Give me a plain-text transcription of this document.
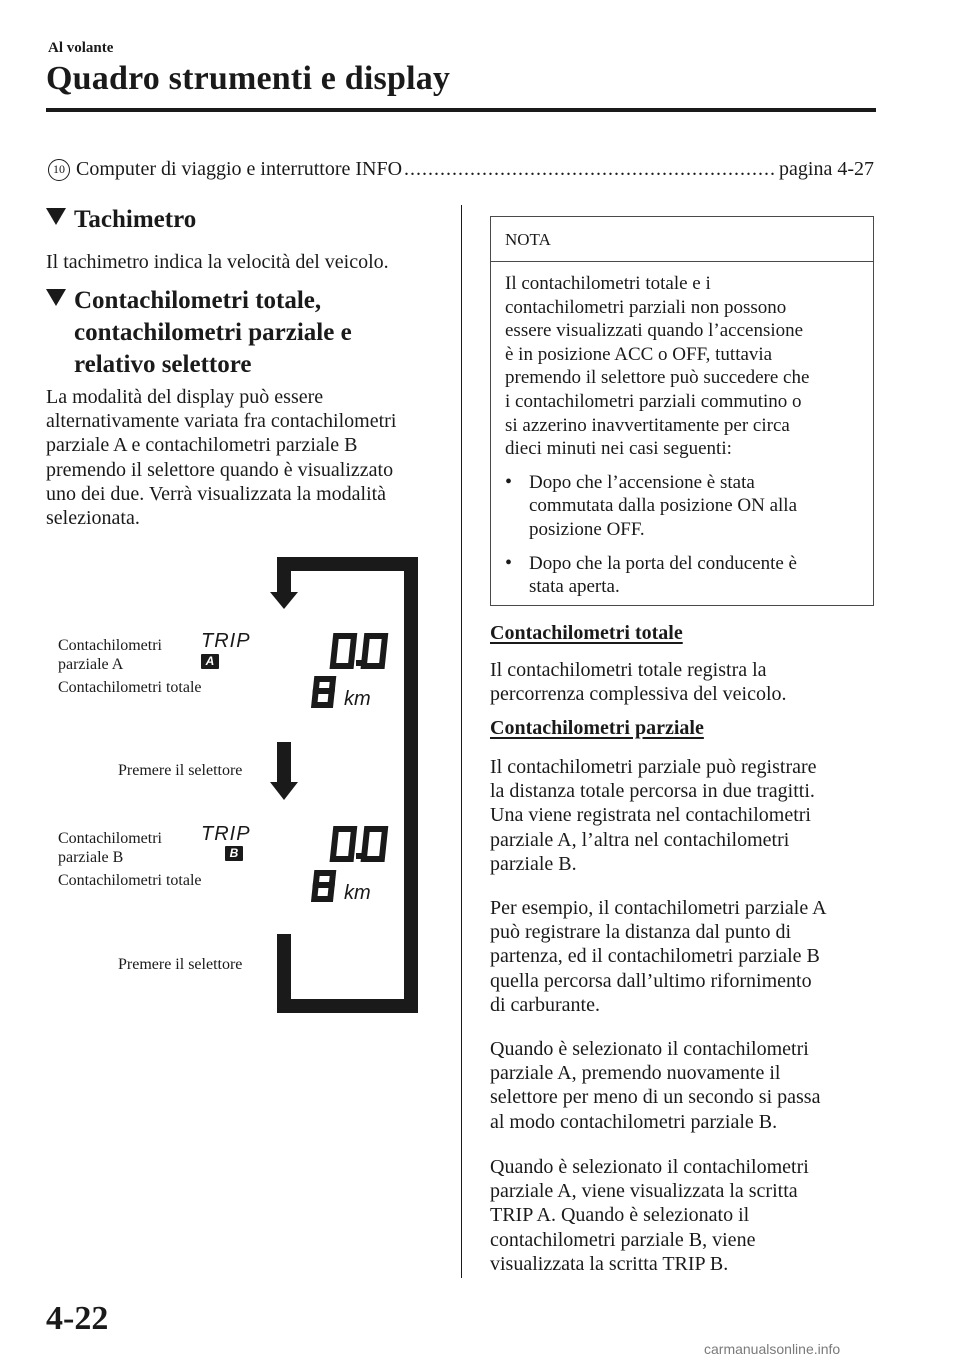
Al volante
Quadro strumenti e display
10 Computer di viaggio e interruttore INFO
.....	pagina 4-27
Tachimetro
Il tachimetro indica la velocità del veicolo.
Contachilometri totale,
contachilometri parziale e
relativo selettore
La modalità del display può essere
alternativamente variata fra contachilometri
parziale A e contachilometri parziale B
premendo il selettore quando è visualizzato
uno dei due. Verrà visualizzata la modalità
selezionata.
Contachilometri
parziale A
TRIP
A
Contachilometri totale
km
Premere il selettore
Contachilometri
parziale B
TRIP
B
Contachilometri totale
km
Premere il selettore
NOTA
Il contachilometri totale e i
contachilometri parziali non possono
essere visualizzati quando l’accensione
è in posizione ACC o OFF, tuttavia
premendo il selettore può succedere che
i contachilometri parziali commutino o
si azzerino inavvertitamente per circa
dieci minuti nei casi seguenti:
• Dopo che l’accensione è stata
commutata dalla posizione ON alla
posizione OFF.
• Dopo che la porta del conducente è
stata aperta.
Contachilometri totale
Il contachilometri totale registra la
percorrenza complessiva del veicolo.
Contachilometri parziale
Il contachilometri parziale può registrare
la distanza totale percorsa in due tragitti.
Una viene registrata nel contachilometri
parziale A, l’altra nel contachilometri
parziale B.
Per esempio, il contachilometri parziale A
può registrare la distanza dal punto di
partenza, ed il contachilometri parziale B
quella percorsa dall’ultimo rifornimento
di carburante.
Quando è selezionato il contachilometri
parziale A, premendo nuovamente il
selettore per meno di un secondo si passa
al modo contachilometri parziale B.
Quando è selezionato il contachilometri
parziale A, viene visualizzata la scritta
TRIP A. Quando è selezionato il
contachilometri parziale B, viene
visualizzata la scritta TRIP B.
4-22
carmanualsonline.info
